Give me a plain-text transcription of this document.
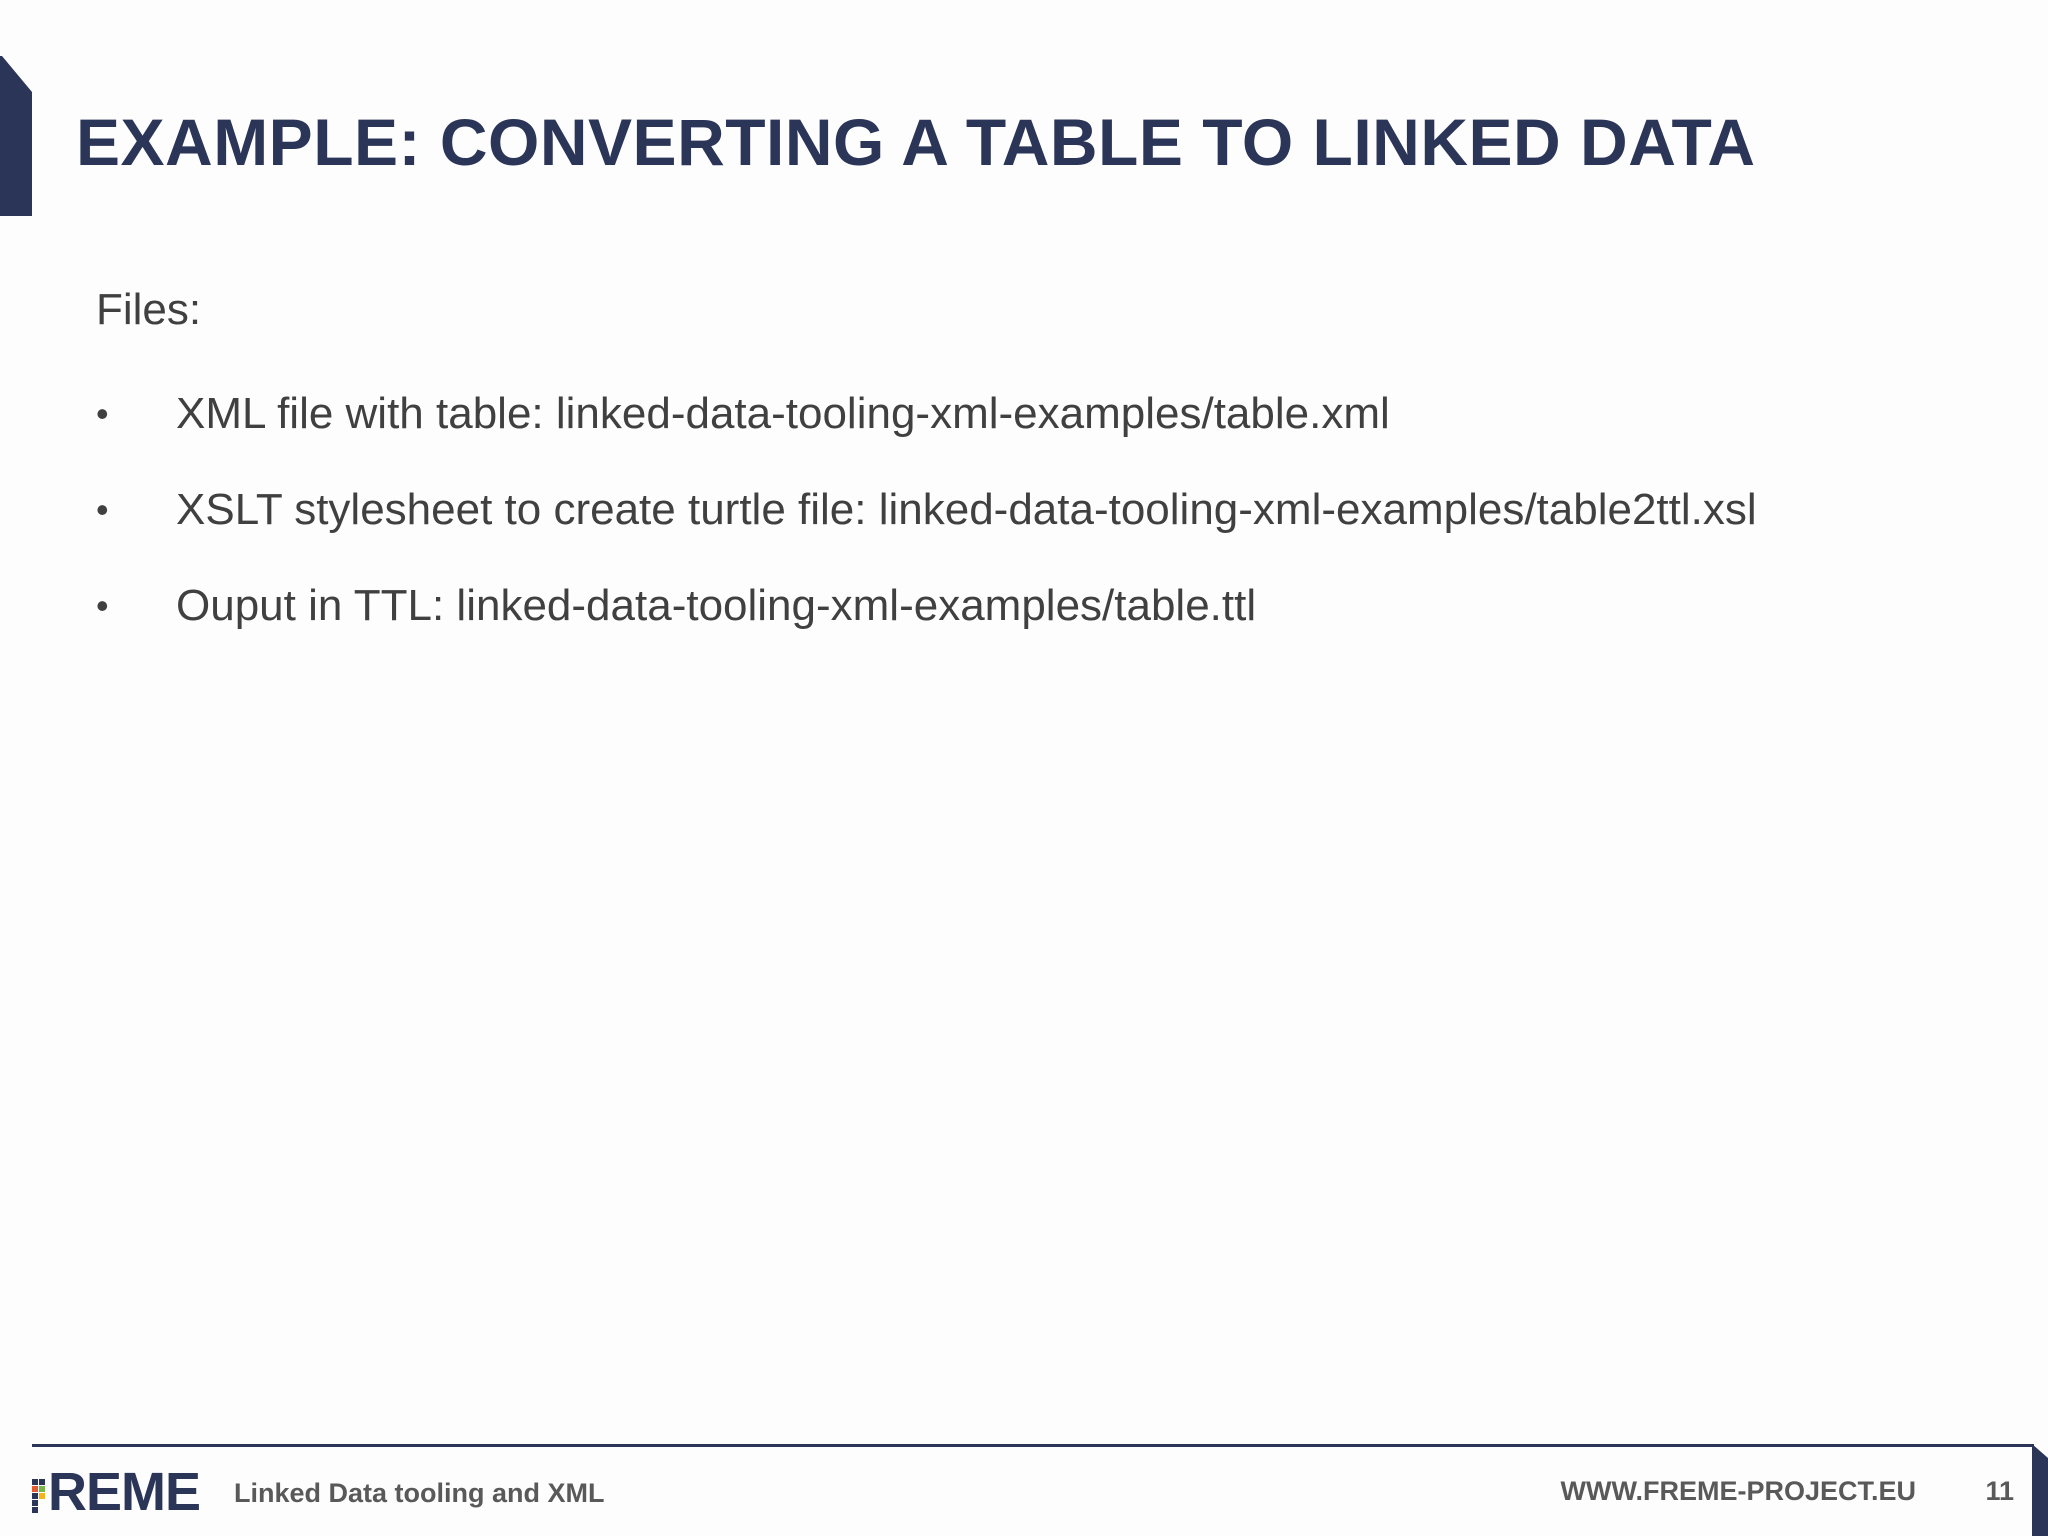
EXAMPLE: CONVERTING A TABLE TO LINKED DATA

Files:

• XML file with table: linked-data-tooling-xml-examples/table.xml
• XSLT stylesheet to create turtle file: linked-data-tooling-xml-examples/table2ttl.xsl
• Ouput in TTL: linked-data-tooling-xml-examples/table.ttl
REME Linked Data tooling and XML	WWW.FREME-PROJECT.EU	11
